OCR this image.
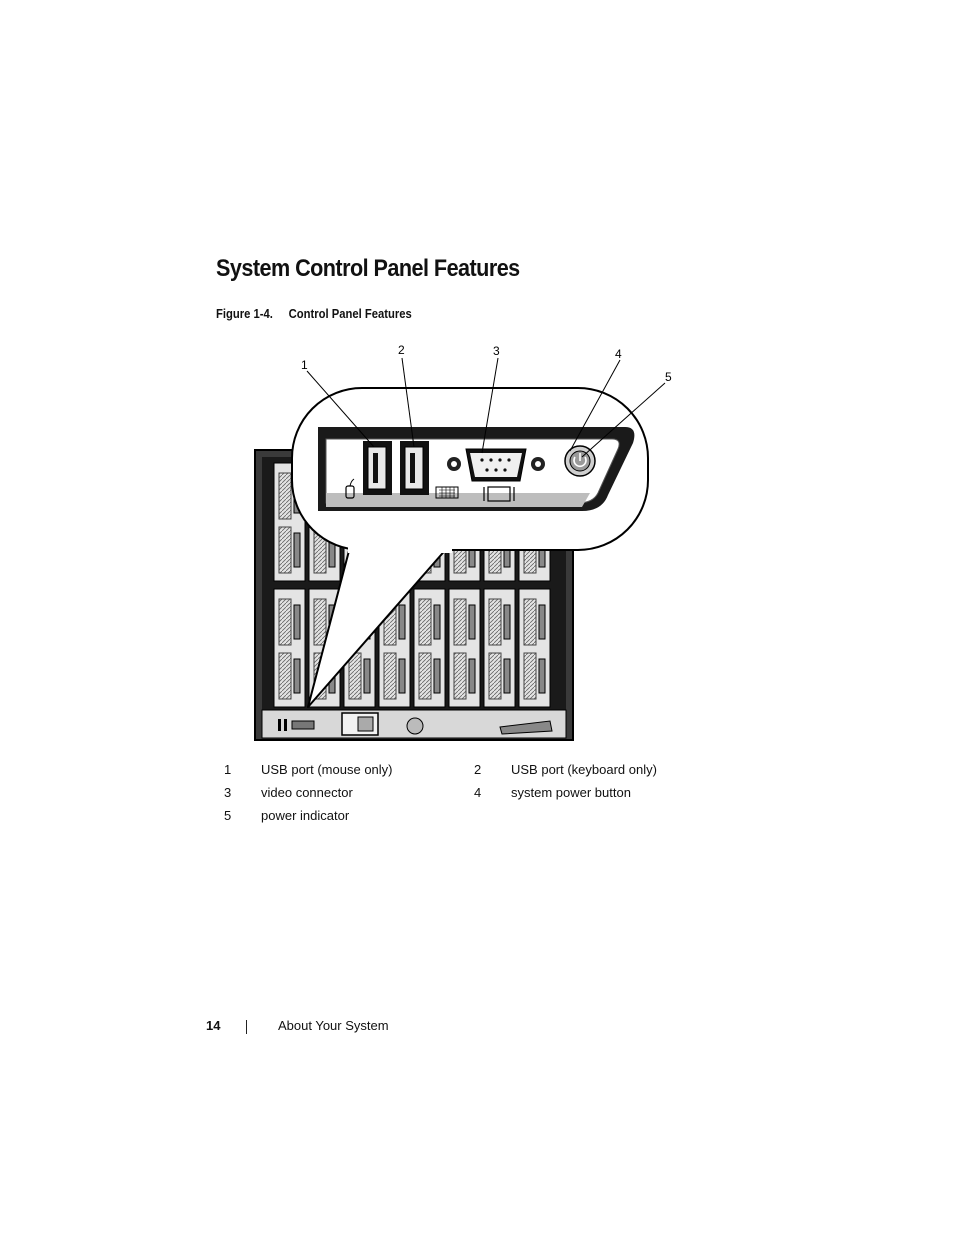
System Control Panel Features

Figure 1-4. Control Panel Features

1
2	3	4
5
1	USB port (mouse only)	2	USB port (keyboard only)
3	video connector	4	system power button
5	power indicator
14	About Your System
